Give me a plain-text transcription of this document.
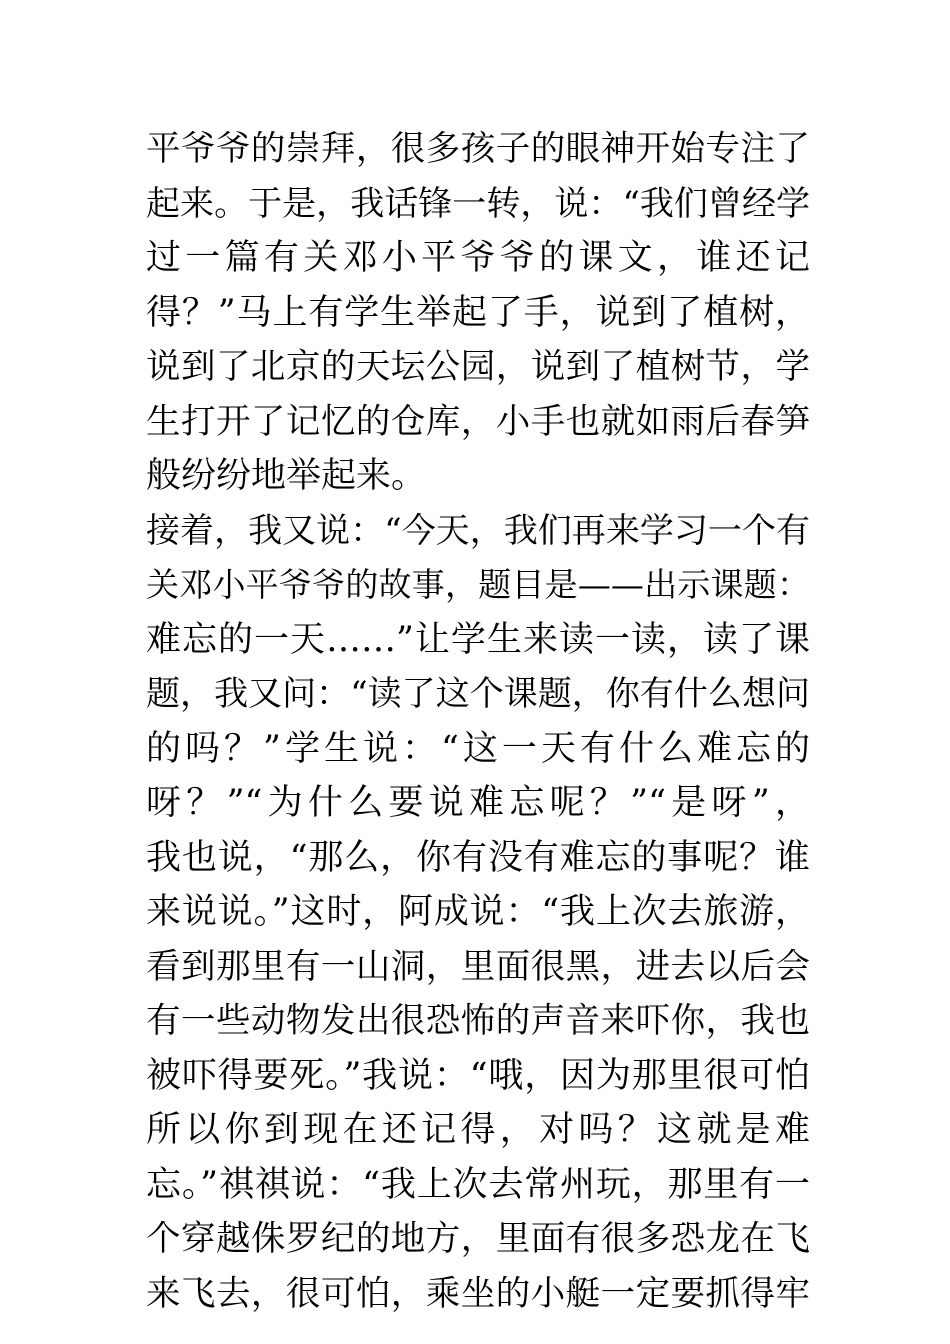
平爷爷的崇拜，很多孩子的眼神开始专注了
起来。于是，我话锋一转，说：“我们曾经学
过一篇有关邓小平爷爷的课文，谁还记
得？”马上有学生举起了手，说到了植树，
说到了北京的天坛公园，说到了植树节，学
生打开了记忆的仓库，小手也就如雨后春笋
般纷纷地举起来。
接着，我又说：“今天，我们再来学习一个有
关邓小平爷爷的故事，题目是——出示课题：
难忘的一天……”让学生来读一读，读了课
题，我又问：“读了这个课题，你有什么想问
的吗？”学生说：“这一天有什么难忘的
呀？”“为什么要说难忘呢？”“是呀”，
我也说，“那么，你有没有难忘的事呢？谁
来说说。”这时，阿成说：“我上次去旅游，
看到那里有一山洞，里面很黑，进去以后会
有一些动物发出很恐怖的声音来吓你，我也
被吓得要死。”我说：“哦，因为那里很可怕
所以你到现在还记得，对吗？这就是难
忘。”祺祺说：“我上次去常州玩，那里有一
个穿越侏罗纪的地方，里面有很多恐龙在飞
来飞去，很可怕，乘坐的小艇一定要抓得牢
